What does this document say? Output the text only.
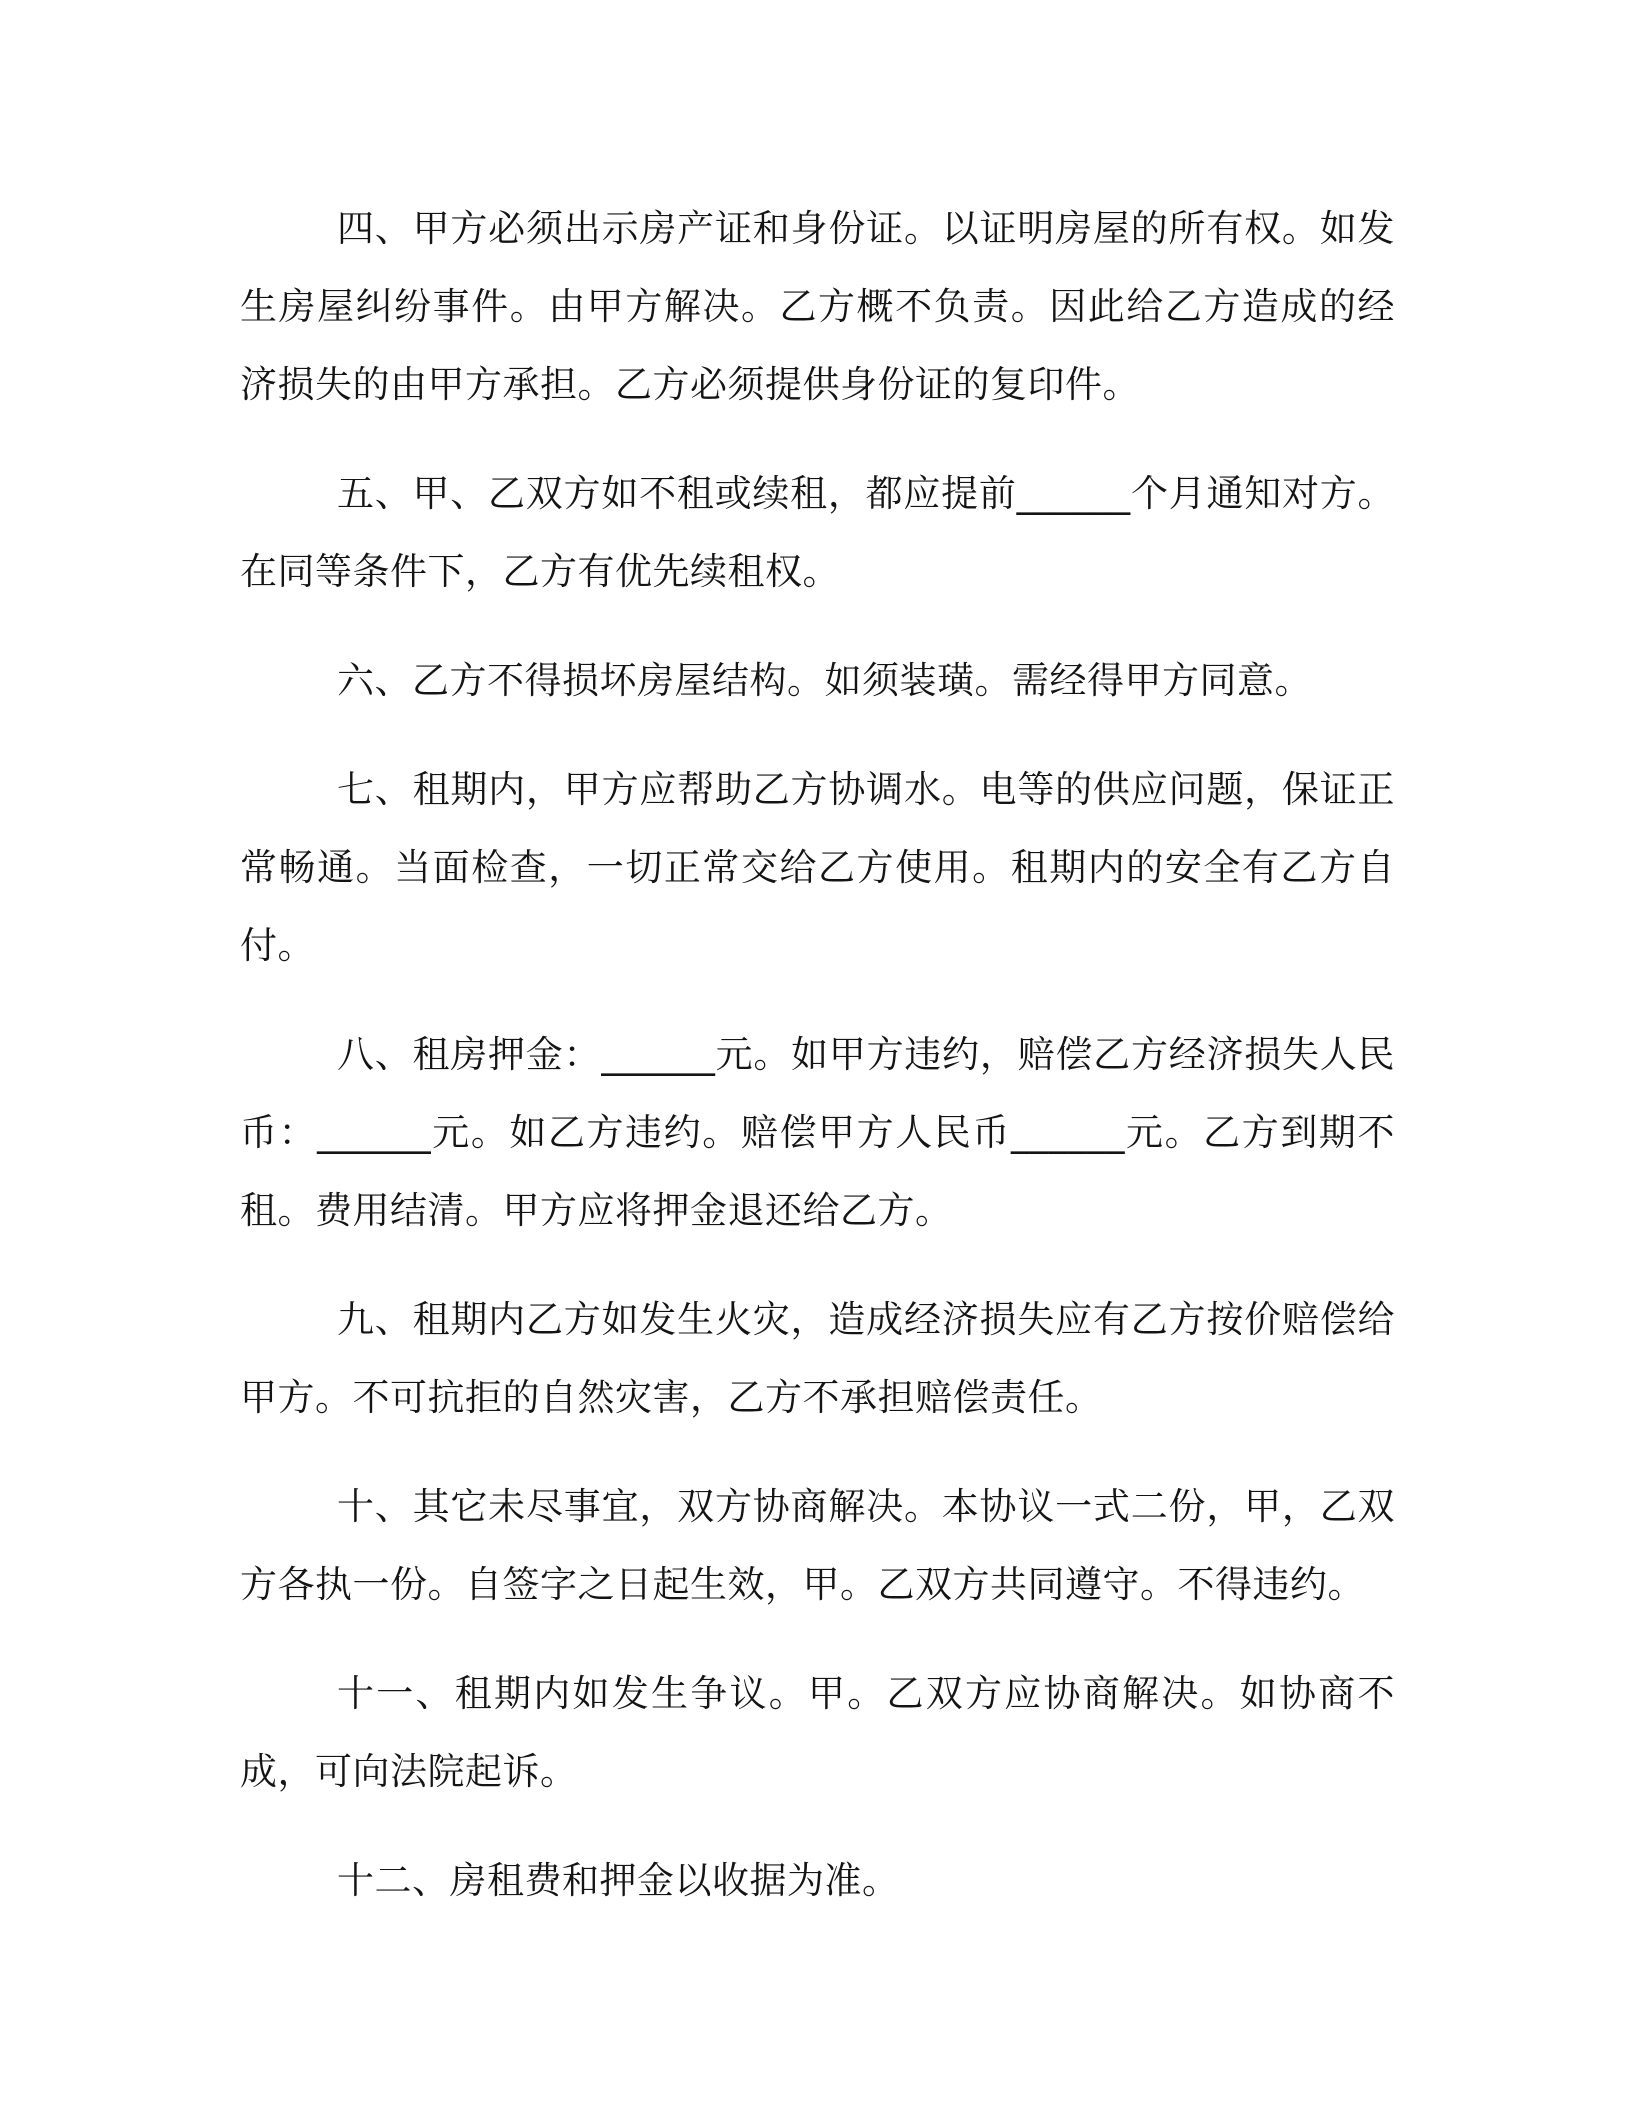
四、甲方必须出示房产证和身份证。以证明房屋的所有权。如发生房屋纠纷事件。由甲方解决。乙方概不负责。因此给乙方造成的经济损失的由甲方承担。乙方必须提供身份证的复印件。

五、甲、乙双方如不租或续租，都应提前______个月通知对方。在同等条件下，乙方有优先续租权。

六、乙方不得损坏房屋结构。如须装璜。需经得甲方同意。

七、租期内，甲方应帮助乙方协调水。电等的供应问题，保证正常畅通。当面检查，一切正常交给乙方使用。租期内的安全有乙方自付。

八、租房押金：______元。如甲方违约，赔偿乙方经济损失人民币：______元。如乙方违约。赔偿甲方人民币______元。乙方到期不租。费用结清。甲方应将押金退还给乙方。

九、租期内乙方如发生火灾，造成经济损失应有乙方按价赔偿给甲方。不可抗拒的自然灾害，乙方不承担赔偿责任。

十、其它未尽事宜，双方协商解决。本协议一式二份，甲，乙双方各执一份。自签字之日起生效，甲。乙双方共同遵守。不得违约。

十一、租期内如发生争议。甲。乙双方应协商解决。如协商不成，可向法院起诉。

十二、房租费和押金以收据为准。
